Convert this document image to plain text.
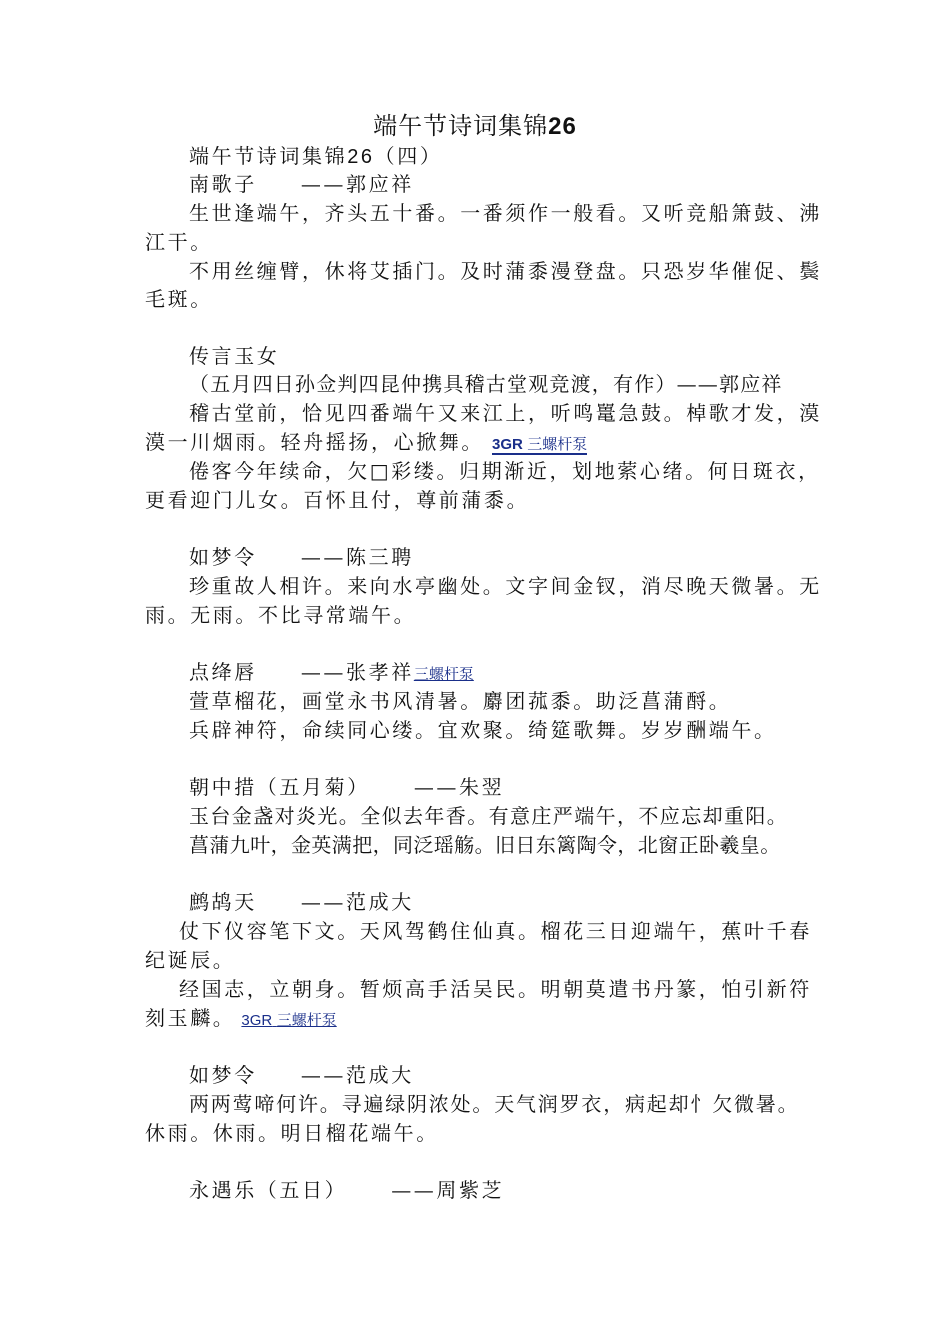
端午节诗词集锦26
端午节诗词集锦26（四）
南歌子 ——郭应祥
生世逢端午，齐头五十番。一番须作一般看。又听竞船箫鼓、沸
江干。
不用丝缠臂，休将艾插门。及时蒲黍漫登盘。只恐岁华催促、鬓
毛斑。
传言玉女
（五月四日孙佥判四昆仲携具稽古堂观竞渡，有作）——郭应祥
稽古堂前，恰见四番端午又来江上，听鸣鼍急鼓。棹歌才发，漠
漠一川烟雨。轻舟摇扬，心掀舞。 3GR 三螺杆泵
倦客今年续命，欠□彩缕。归期渐近，划地萦心绪。何日斑衣，
更看迎门儿女。百怀且付，尊前蒲黍。
如梦令 ——陈三聘
珍重故人相许。来向水亭幽处。文字间金钗，消尽晚天微暑。无
雨。无雨。不比寻常端午。
点绛唇 ——张孝祥三螺杆泵
萱草榴花，画堂永书风清暑。麝团菰黍。助泛菖蒲酹。
兵辟神符，命续同心缕。宜欢聚。绮筵歌舞。岁岁酬端午。
朝中措（五月菊） ——朱翌
玉台金盏对炎光。全似去年香。有意庄严端午，不应忘却重阳。
菖蒲九叶，金英满把，同泛瑶觞。旧日东篱陶令，北窗正卧羲皇。
鹧鸪天 ——范成大
仗下仪容笔下文。天风驾鹤住仙真。榴花三日迎端午，蕉叶千春
纪诞辰。
经国志，立朝身。暂烦高手活吴民。明朝莫遣书丹篆，怕引新符
刻玉麟。 3GR 三螺杆泵
如梦令 ——范成大
两两莺啼何许。寻遍绿阴浓处。天气润罗衣，病起却忄欠微暑。
休雨。休雨。明日榴花端午。
永遇乐（五日） ——周紫芝
